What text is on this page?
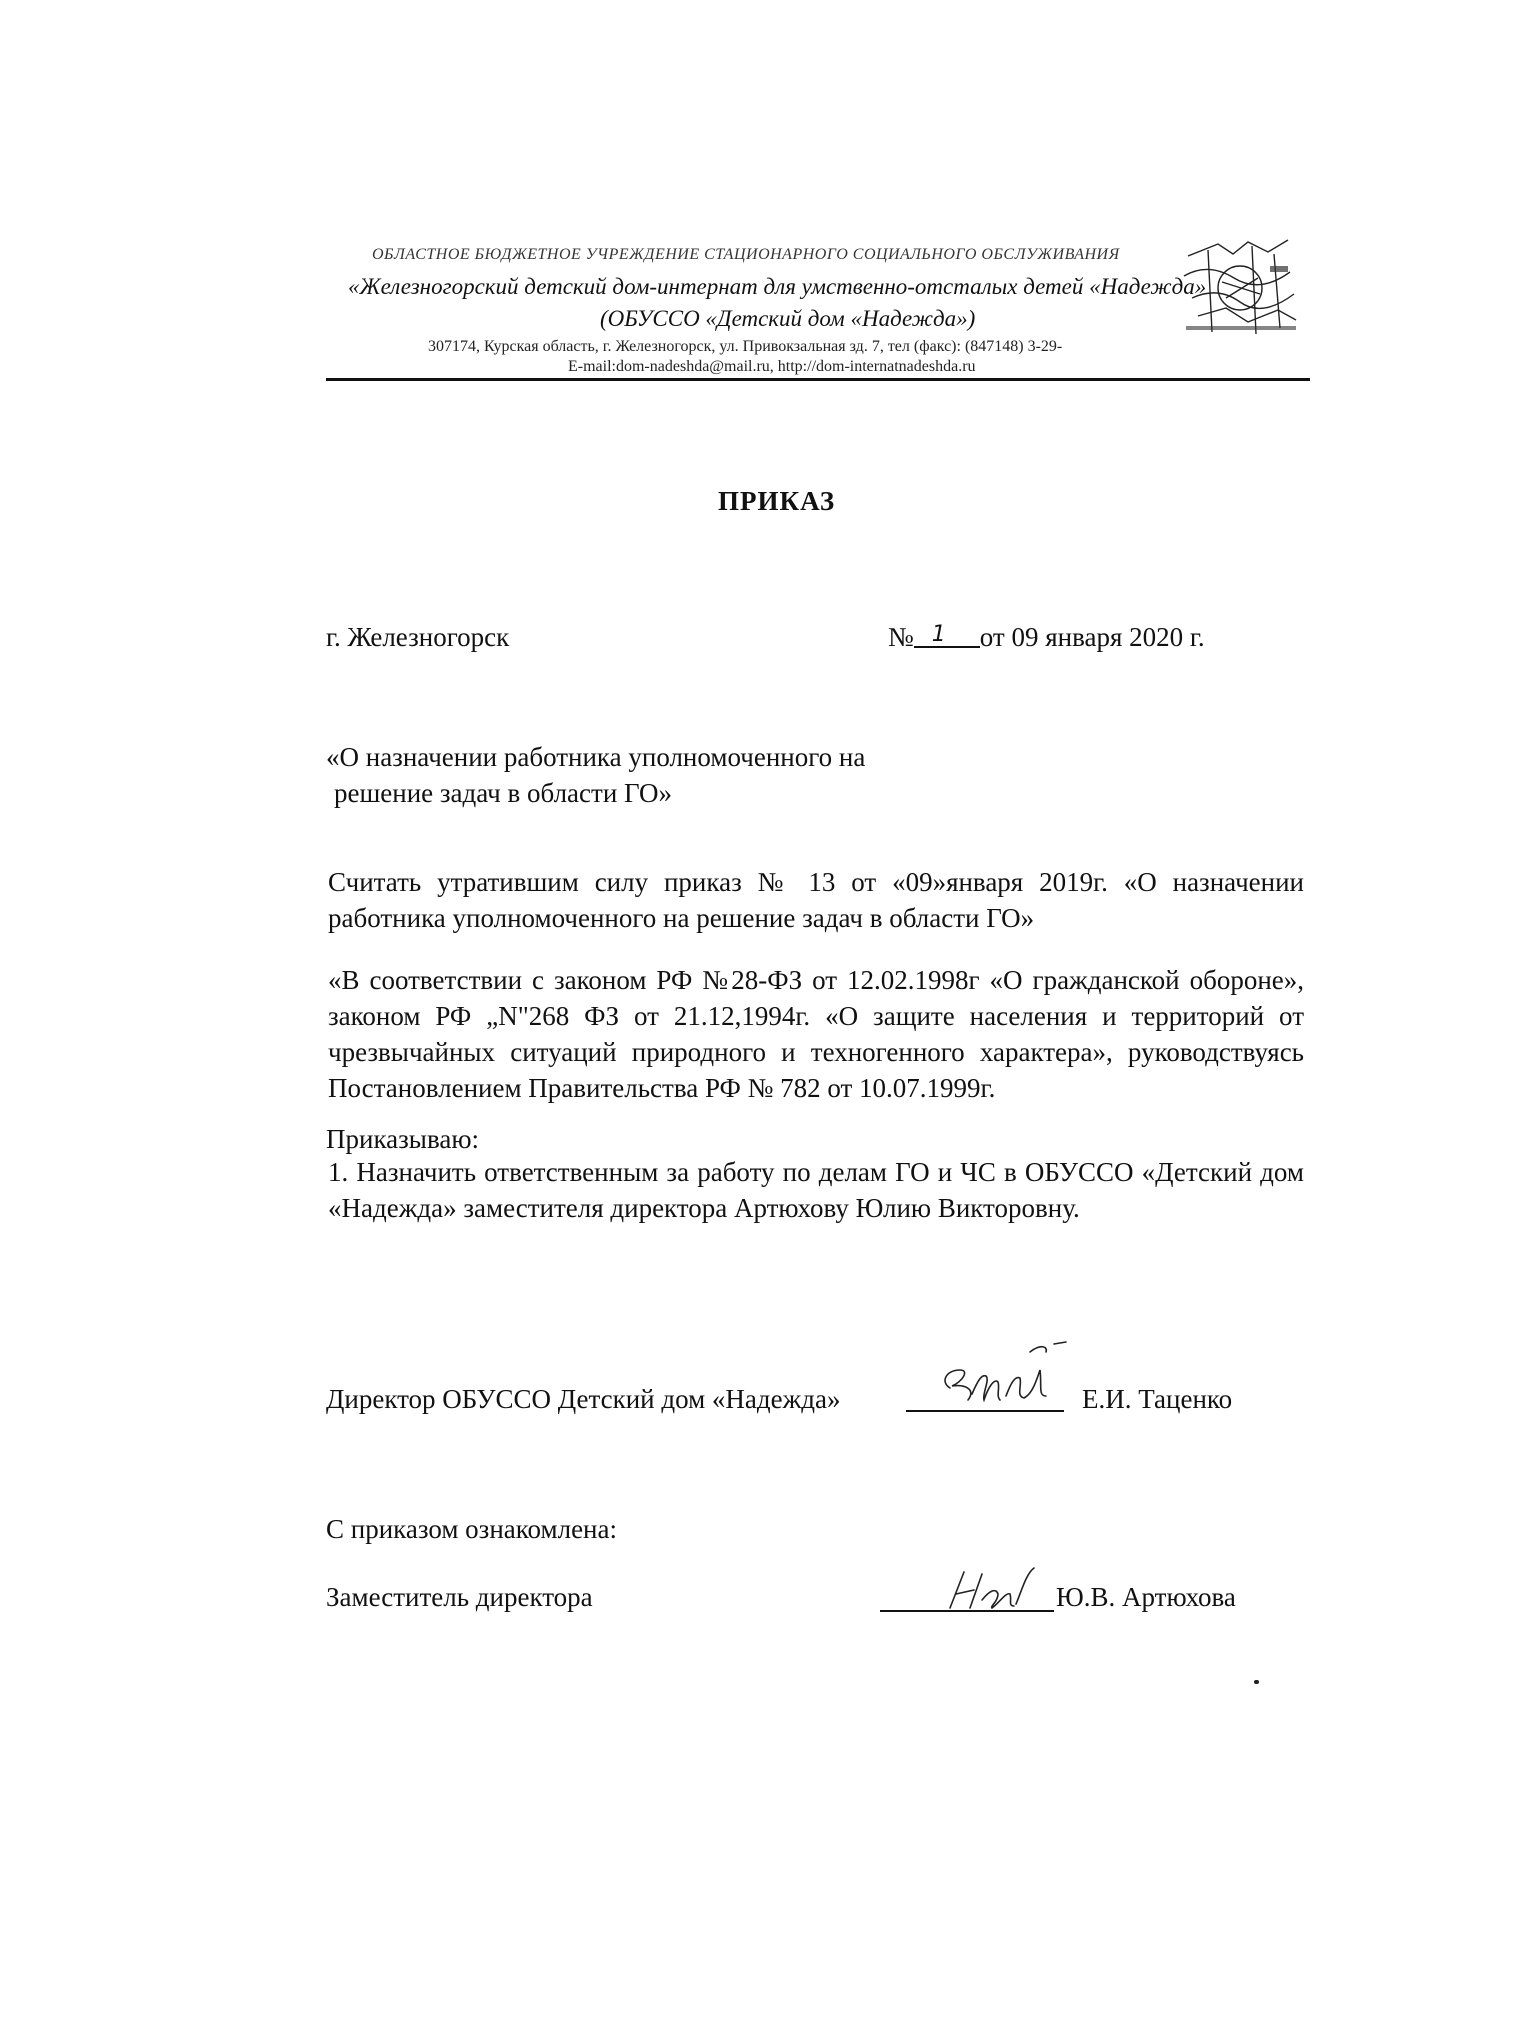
ОБЛАСТНОЕ БЮДЖЕТНОЕ УЧРЕЖДЕНИЕ СТАЦИОНАРНОГО СОЦИАЛЬНОГО ОБСЛУЖИВАНИЯ
«Железногорский детский дом-интернат для умственно-отсталых детей «Надежда»
(ОБУССО «Детский дом «Надежда»)
307174, Курская область, г. Железногорск, ул. Привокзальная зд. 7, тел (факс): (847148) 3-29-
E-mail:dom-nadeshda@mail.ru, http://dom-internatnadeshda.ru
ПРИКАЗ
г. Железногорск	№ 1 от 09 января 2020 г.
«О назначении работника уполномоченного на
решение задач в области ГО»
Считать утратившим силу приказ № 13 от «09»января 2019г. «О назначении работника уполномоченного на решение задач в области ГО»
«В соответствии с законом РФ №28-ФЗ от 12.02.1998г «О гражданской обороне», законом РФ „N"268 ФЗ от 21.12,1994г. «О защите населения и территорий от чрезвычайных ситуаций природного и техногенного характера», руководствуясь Постановлением Правительства РФ № 782 от 10.07.1999г.
Приказываю:
1. Назначить ответственным за работу по делам ГО и ЧС в ОБУССО «Детский дом «Надежда» заместителя директора Артюхову Юлию Викторовну.
Директор ОБУССО Детский дом «Надежда»	Е.И. Таценко
С приказом ознакомлена:
Заместитель директора	Ю.В. Артюхова
